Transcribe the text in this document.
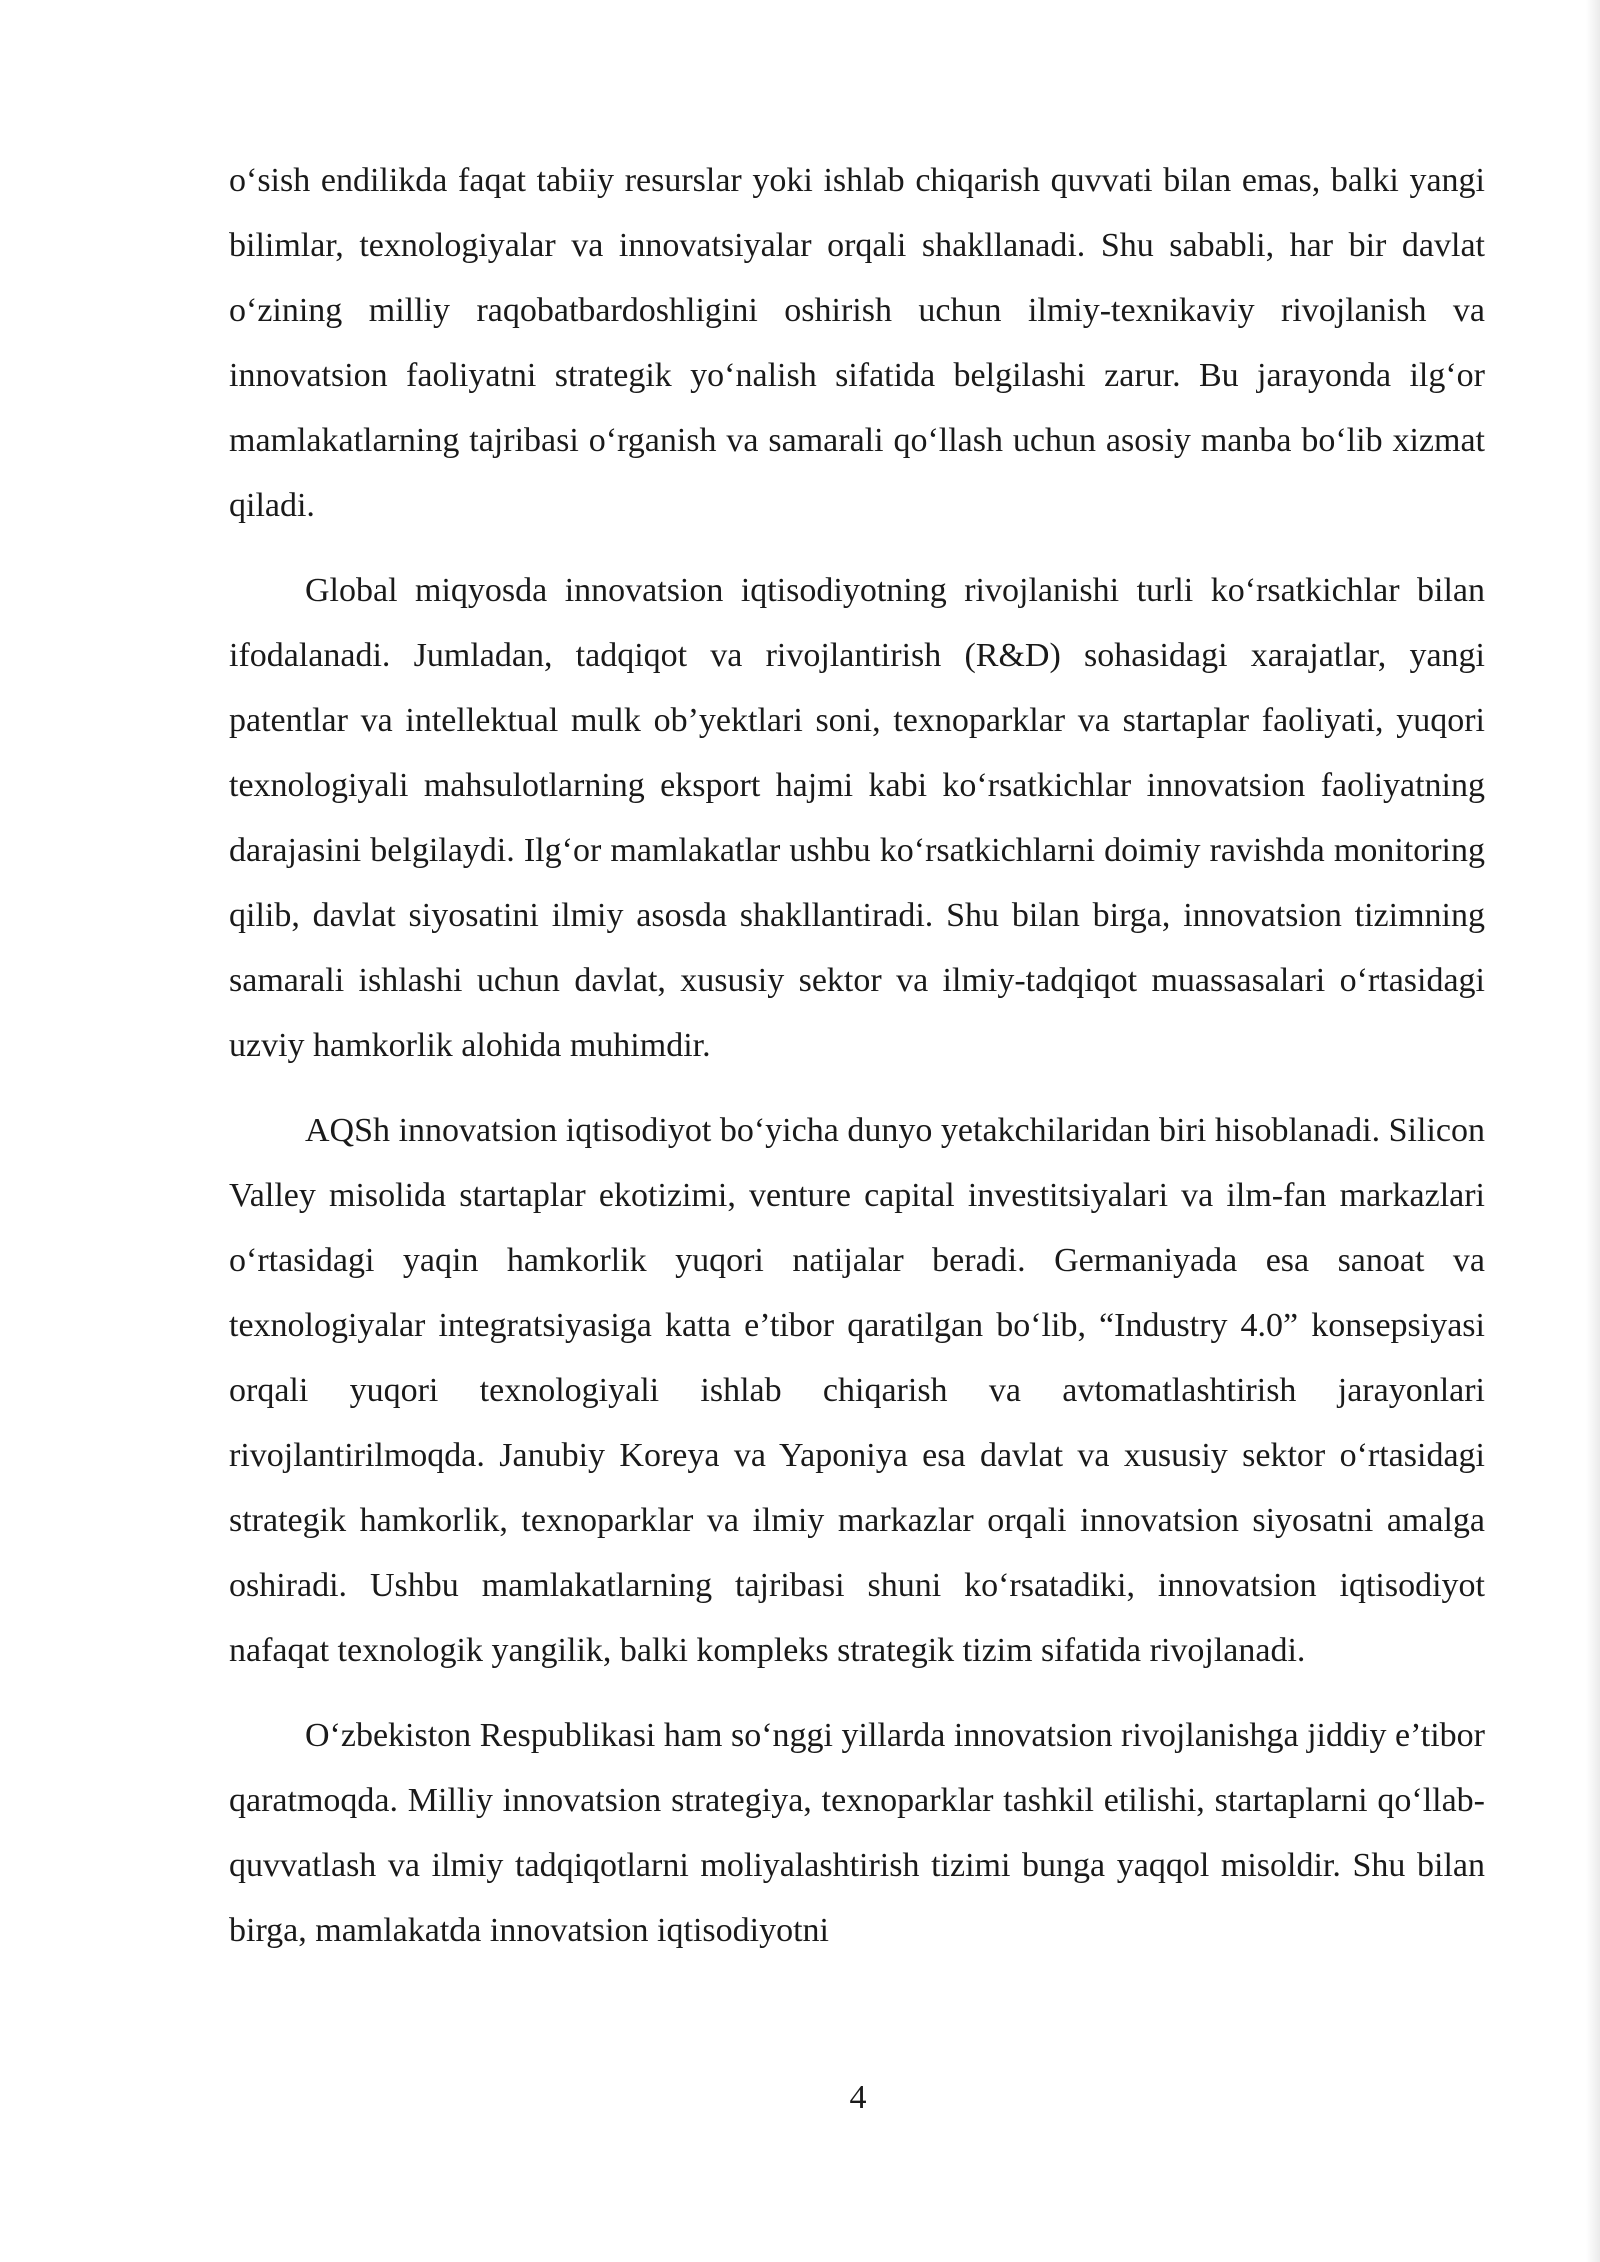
o‘sish endilikda faqat tabiiy resurslar yoki ishlab chiqarish quvvati bilan emas, balki yangi bilimlar, texnologiyalar va innovatsiyalar orqali shakllanadi. Shu sababli, har bir davlat o‘zining milliy raqobatbardoshligini oshirish uchun ilmiy-texnikaviy rivojlanish va innovatsion faoliyatni strategik yo‘nalish sifatida belgilashi zarur. Bu jarayonda ilg‘or mamlakatlarning tajribasi o‘rganish va samarali qo‘llash uchun asosiy manba bo‘lib xizmat qiladi.

Global miqyosda innovatsion iqtisodiyotning rivojlanishi turli ko‘rsatkichlar bilan ifodalanadi. Jumladan, tadqiqot va rivojlantirish (R&D) sohasidagi xarajatlar, yangi patentlar va intellektual mulk ob’yektlari soni, texnoparklar va startaplar faoliyati, yuqori texnologiyali mahsulotlarning eksport hajmi kabi ko‘rsatkichlar innovatsion faoliyatning darajasini belgilaydi. Ilg‘or mamlakatlar ushbu ko‘rsatkichlarni doimiy ravishda monitoring qilib, davlat siyosatini ilmiy asosda shakllantiradi. Shu bilan birga, innovatsion tizimning samarali ishlashi uchun davlat, xususiy sektor va ilmiy-tadqiqot muassasalari o‘rtasidagi uzviy hamkorlik alohida muhimdir.

AQSh innovatsion iqtisodiyot bo‘yicha dunyo yetakchilaridan biri hisoblanadi. Silicon Valley misolida startaplar ekotizimi, venture capital investitsiyalari va ilm-fan markazlari o‘rtasidagi yaqin hamkorlik yuqori natijalar beradi. Germaniyada esa sanoat va texnologiyalar integratsiyasiga katta e’tibor qaratilgan bo‘lib, “Industry 4.0” konsepsiyasi orqali yuqori texnologiyali ishlab chiqarish va avtomatlashtirish jarayonlari rivojlantirilmoqda. Janubiy Koreya va Yaponiya esa davlat va xususiy sektor o‘rtasidagi strategik hamkorlik, texnoparklar va ilmiy markazlar orqali innovatsion siyosatni amalga oshiradi. Ushbu mamlakatlarning tajribasi shuni ko‘rsatadiki, innovatsion iqtisodiyot nafaqat texnologik yangilik, balki kompleks strategik tizim sifatida rivojlanadi.

O‘zbekiston Respublikasi ham so‘nggi yillarda innovatsion rivojlanishga jiddiy e’tibor qaratmoqda. Milliy innovatsion strategiya, texnoparklar tashkil etilishi, startaplarni qo‘llab-quvvatlash va ilmiy tadqiqotlarni moliyalashtirish tizimi bunga yaqqol misoldir. Shu bilan birga, mamlakatda innovatsion iqtisodiyotni

4
